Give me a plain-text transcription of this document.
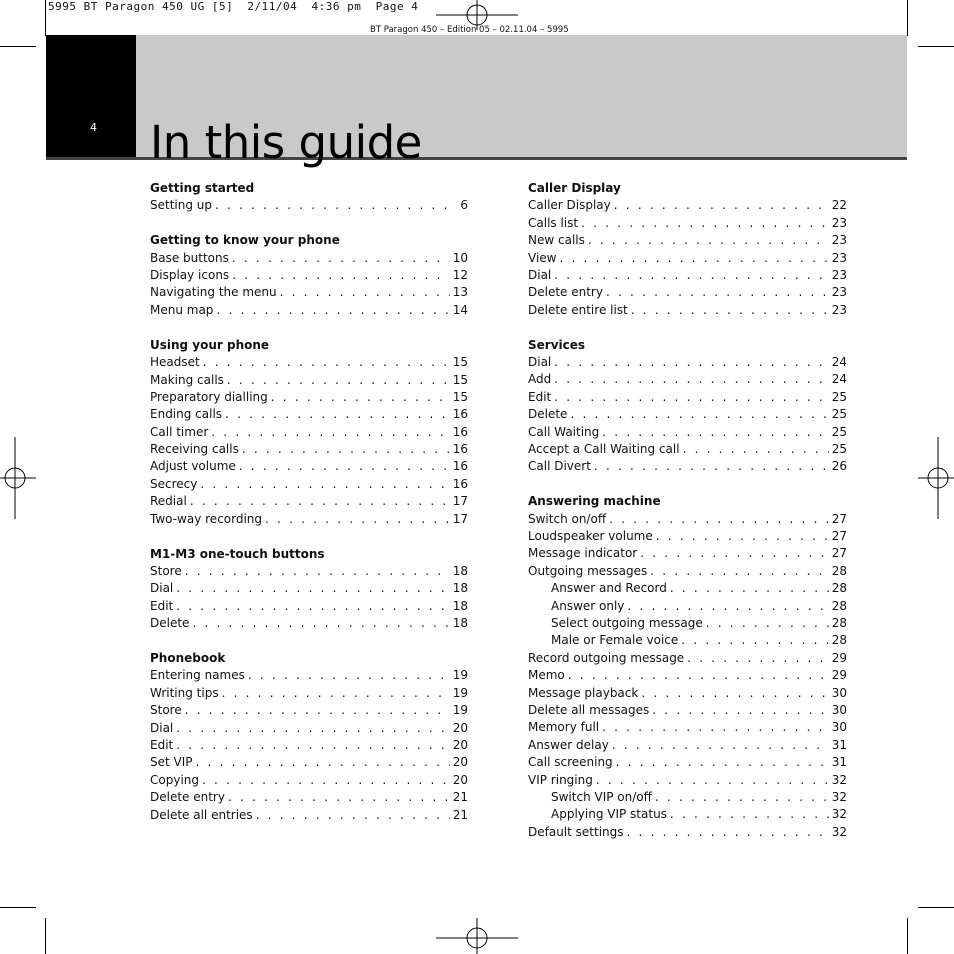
5995 BT Paragon 450 UG [5]  2/11/04  4:36 pm  Page 4
BT Paragon 450 – Edition 05 – 02.11.04 – 5995
4 In this guide
Getting started
Setting up . . .	6
Getting to know your phone
Base buttons . . .	10
Display icons . . .	12
Navigating the menu . . .	13
Menu map . . .	14
Using your phone
Headset . . .	15
Making calls . . .	15
Preparatory dialling . . .	15
Ending calls . . .	16
Call timer . . .	16
Receiving calls . . .	16
Adjust volume . . .	16
Secrecy . . .	16
Redial . . .	17
Two-way recording . . .	17
M1-M3 one-touch buttons
Store . . .	18
Dial . . .	18
Edit . . .	18
Delete . . .	18
Phonebook
Entering names . . .	19
Writing tips . . .	19
Store . . .	19
Dial . . .	20
Edit . . .	20
Set VIP . . .	20
Copying . . .	20
Delete entry . . .	21
Delete all entries . . .	21
Caller Display
Caller Display . . .	22
Calls list . . .	23
New calls . . .	23
View . . .	23
Dial . . .	23
Delete entry . . .	23
Delete entire list . . .	23
Services
Dial . . .	24
Add . . .	24
Edit . . .	25
Delete . . .	25
Call Waiting . . .	25
Accept a Call Waiting call . . .	25
Call Divert . . .	26
Answering machine
Switch on/off . . .	27
Loudspeaker volume . . .	27
Message indicator . . .	27
Outgoing messages . . .	28
Answer and Record . . .	28
Answer only . . .	28
Select outgoing message . . .	28
Male or Female voice . . .	28
Record outgoing message . . .	29
Memo . . .	29
Message playback . . .	30
Delete all messages . . .	30
Memory full . . .	30
Answer delay . . .	31
Call screening . . .	31
VIP ringing . . .	32
Switch VIP on/off . . .	32
Applying VIP status . . .	32
Default settings . . .	32
